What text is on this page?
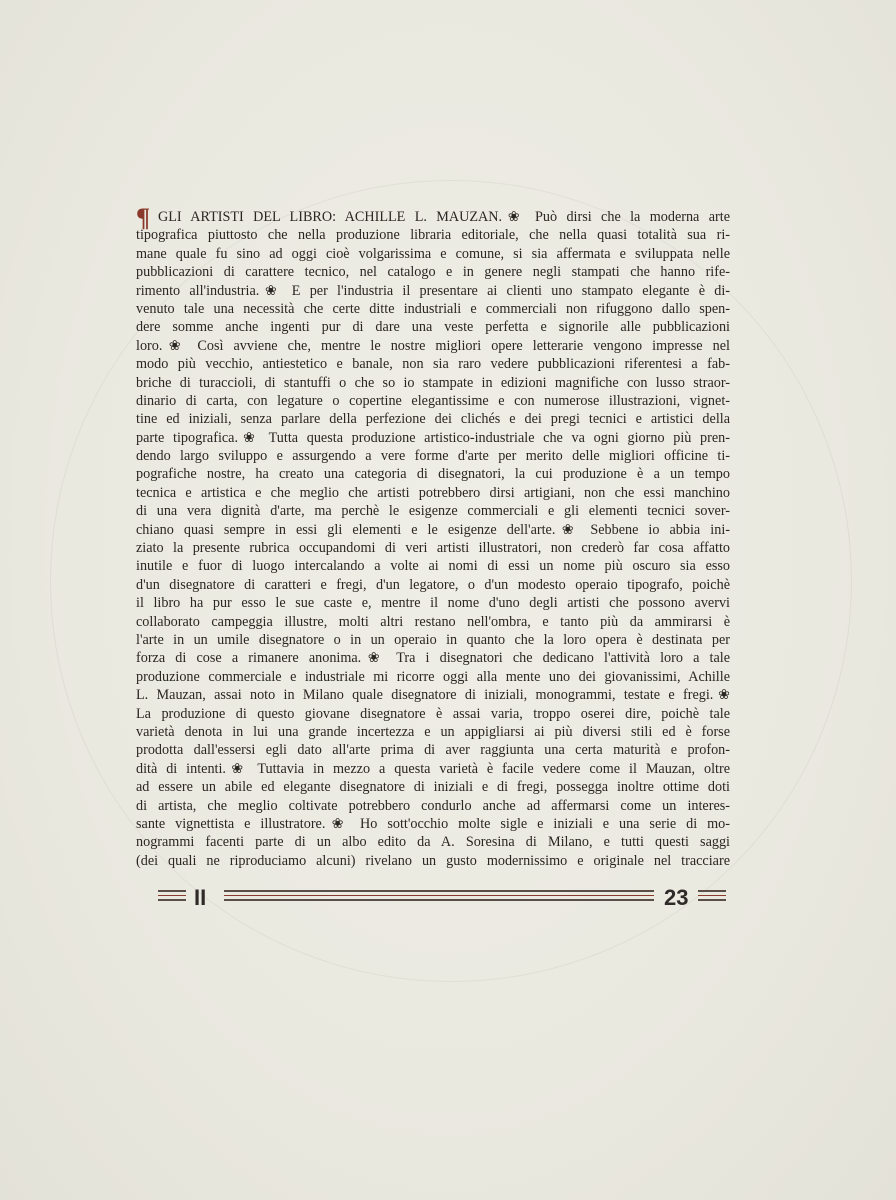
¶ GLI ARTISTI DEL LIBRO: ACHILLE L. MAUZAN.❀ Può dirsi che la moderna arte
tipografica piuttosto che nella produzione libraria editoriale, che nella quasi totalità sua ri-
mane quale fu sino ad oggi cioè volgarissima e comune, si sia affermata e sviluppata nelle
pubblicazioni di carattere tecnico, nel catalogo e in genere negli stampati che hanno rife-
rimento all'industria.❀ E per l'industria il presentare ai clienti uno stampato elegante è di-
venuto tale una necessità che certe ditte industriali e commerciali non rifuggono dallo spen-
dere somme anche ingenti pur di dare una veste perfetta e signorile alle pubblicazioni
loro.❀ Così avviene che, mentre le nostre migliori opere letterarie vengono impresse nel
modo più vecchio, antiestetico e banale, non sia raro vedere pubblicazioni riferentesi a fab-
briche di turaccioli, di stantuffi o che so io stampate in edizioni magnifiche con lusso straor-
dinario di carta, con legature o copertine elegantissime e con numerose illustrazioni, vignet-
tine ed iniziali, senza parlare della perfezione dei clichés e dei pregi tecnici e artistici della
parte tipografica.❀ Tutta questa produzione artistico-industriale che va ogni giorno più pren-
dendo largo sviluppo e assurgendo a vere forme d'arte per merito delle migliori officine ti-
pografiche nostre, ha creato una categoria di disegnatori, la cui produzione è a un tempo
tecnica e artistica e che meglio che artisti potrebbero dirsi artigiani, non che essi manchino
di una vera dignità d'arte, ma perchè le esigenze commerciali e gli elementi tecnici sover-
chiano quasi sempre in essi gli elementi e le esigenze dell'arte.❀ Sebbene io abbia ini-
ziato la presente rubrica occupandomi di veri artisti illustratori, non crederò far cosa affatto
inutile e fuor di luogo intercalando a volte ai nomi di essi un nome più oscuro sia esso
d'un disegnatore di caratteri e fregi, d'un legatore, o d'un modesto operaio tipografo, poichè
il libro ha pur esso le sue caste e, mentre il nome d'uno degli artisti che possono avervi
collaborato campeggia illustre, molti altri restano nell'ombra, e tanto più da ammirarsi è
l'arte in un umile disegnatore o in un operaio in quanto che la loro opera è destinata per
forza di cose a rimanere anonima.❀ Tra i disegnatori che dedicano l'attività loro a tale
produzione commerciale e industriale mi ricorre oggi alla mente uno dei giovanissimi, Achille
L. Mauzan, assai noto in Milano quale disegnatore di iniziali, monogrammi, testate e fregi.❀
La produzione di questo giovane disegnatore è assai varia, troppo oserei dire, poichè tale
varietà denota in lui una grande incertezza e un appigliarsi ai più diversi stili ed è forse
prodotta dall'essersi egli dato all'arte prima di aver raggiunta una certa maturità e profon-
dità di intenti.❀ Tuttavia in mezzo a questa varietà è facile vedere come il Mauzan, oltre
ad essere un abile ed elegante disegnatore di iniziali e di fregi, possegga inoltre ottime doti
di artista, che meglio coltivate potrebbero condurlo anche ad affermarsi come un interes-
sante vignettista e illustratore.❀ Ho sott'occhio molte sigle e iniziali e una serie di mo-
nogrammi facenti parte di un albo edito da A. Soresina di Milano, e tutti questi saggi
(dei quali ne riproduciamo alcuni) rivelano un gusto modernissimo e originale nel tracciare
II	23
